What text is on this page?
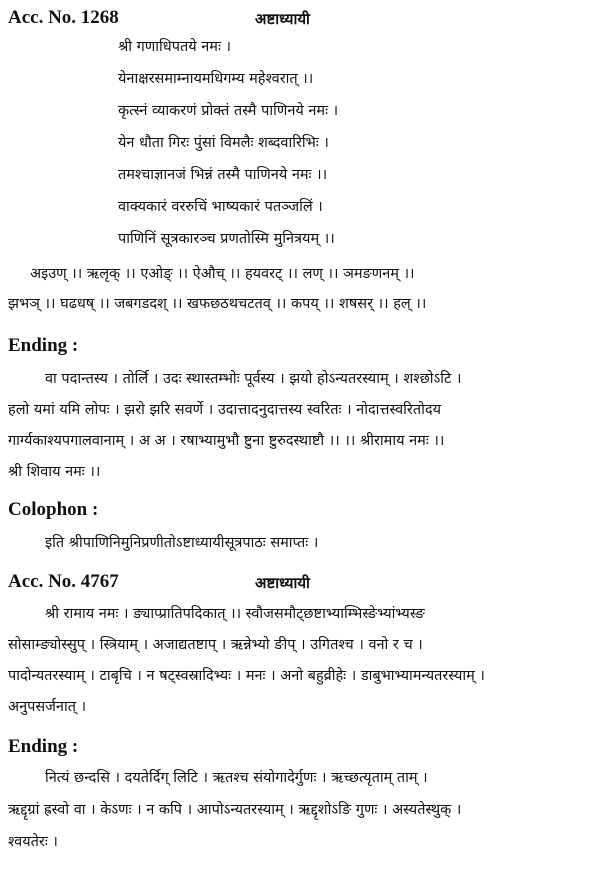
Acc. No. 1268	अष्टाध्यायी
श्री गणाधिपतये नमः ।
येनाक्षरसमाम्नायमधिगम्य महेश्वरात् ।।
कृत्स्नं व्याकरणं प्रोक्तं तस्मै पाणिनये नमः ।
येन धौता गिरः पुंसां विमलैः शब्दवारिभिः ।
तमश्चाज्ञानजं भिन्नं तस्मै पाणिनये नमः ।।
वाक्यकारं वररुचिं भाष्यकारं पतञ्जलिं ।
पाणिनिं सूत्रकारञ्च प्रणतोस्मि मुनित्रयम् ।।
अइउण् ।। ऋलृक् ।। एओङ् ।। ऐऔच् ।। हयवरट् ।। लण् ।। ञमङणनम् ।।
झभञ् ।। घढधष् ।। जबगडदश् ।। खफछठथचटतव् ।। कपय् ।। शषसर् ।। हल् ।।
Ending :
वा पदान्तस्य । तोर्लि । उदः स्थास्तम्भोः पूर्वस्य । झयो होऽन्यतरस्याम् । शश्छोऽटि ।
हलो यमां यमि लोपः । झरो झरि सवर्णे । उदात्तादनुदात्तस्य स्वरितः । नोदात्तस्वरितोदय
गार्ग्यकाश्यपगालवानाम् । अ अ । रषाभ्यामुभौ ष्टुना ष्टुरुदस्थाष्टौ ।। ।। श्रीरामाय नमः ।।
श्री शिवाय नमः ।।
Colophon :
इति श्रीपाणिनिमुनिप्रणीतोऽष्टाध्यायीसूत्रपाठः समाप्तः ।
Acc. No. 4767	अष्टाध्यायी
श्री रामाय नमः । ङ्याप्प्रातिपदिकात् ।। स्वौजसमौट्छष्टाभ्याम्भिस्ङेभ्यांभ्यस्ङ
सोसाम्ङ्योस्सुप् । स्त्रियाम् । अजाद्यतष्टाप् । ऋन्नेभ्यो ङीप् । उगितश्च । वनो र च ।
पादोन्यतरस्याम् । टाबृचि । न षट्स्वस्रादिभ्यः । मनः । अनो बहुव्रीहेः । डाबुभाभ्यामन्यतरस्याम् ।
अनुपसर्जनात् ।
Ending :
नित्यं छन्दसि । दयतेर्दिग् लिटि । ऋतश्च संयोगादेर्गुणः । ऋच्छत्यृताम् ताम् ।
ऋद्दृग्रां ह्रस्वो वा । केऽणः । न कपि । आपोऽन्यतरस्याम् । ऋद्दृशोऽङि गुणः । अस्यतेस्थुक् ।
श्वयतेरः ।
